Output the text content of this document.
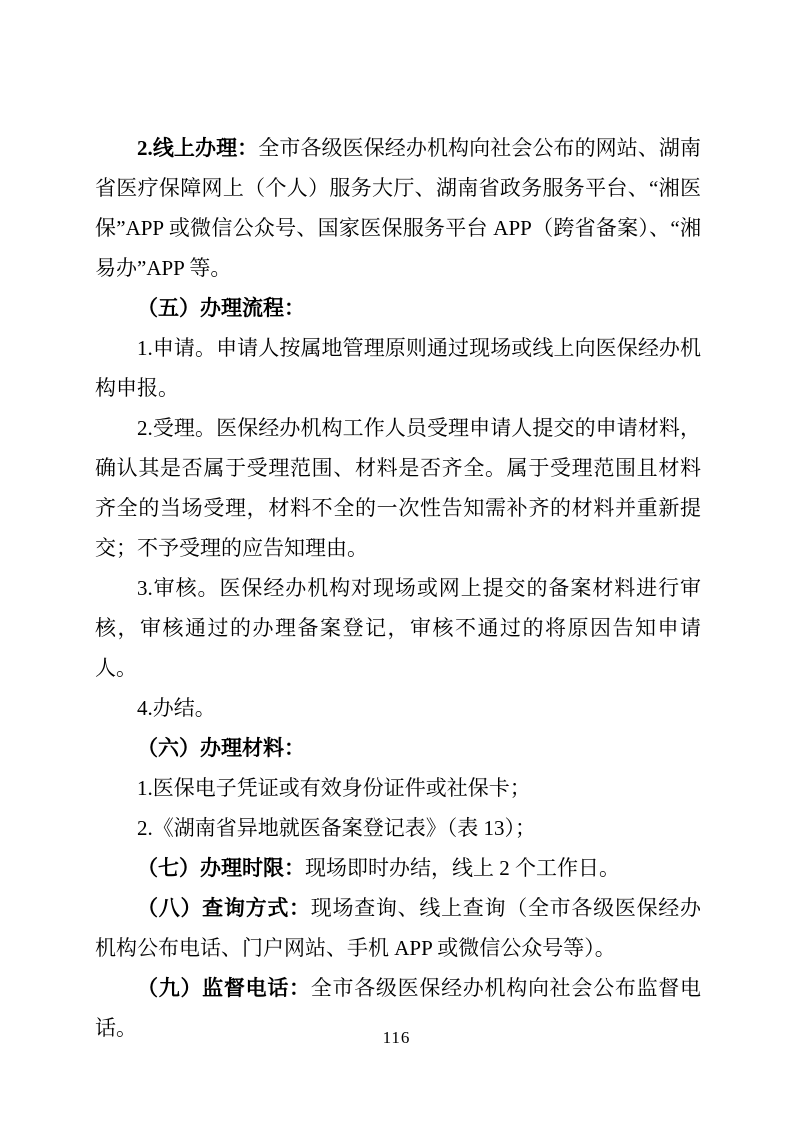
2.线上办理：全市各级医保经办机构向社会公布的网站、湖南省医疗保障网上（个人）服务大厅、湖南省政务服务平台、“湘医保”APP 或微信公众号、国家医保服务平台 APP（跨省备案）、“湘易办”APP 等。

（五）办理流程：

1.申请。申请人按属地管理原则通过现场或线上向医保经办机构申报。

2.受理。医保经办机构工作人员受理申请人提交的申请材料，确认其是否属于受理范围、材料是否齐全。属于受理范围且材料齐全的当场受理，材料不全的一次性告知需补齐的材料并重新提交；不予受理的应告知理由。

3.审核。医保经办机构对现场或网上提交的备案材料进行审核，审核通过的办理备案登记，审核不通过的将原因告知申请人。

4.办结。

（六）办理材料：

1.医保电子凭证或有效身份证件或社保卡；

2.《湖南省异地就医备案登记表》（表 13）；

（七）办理时限：现场即时办结，线上 2 个工作日。

（八）查询方式：现场查询、线上查询（全市各级医保经办机构公布电话、门户网站、手机 APP 或微信公众号等）。

（九）监督电话：全市各级医保经办机构向社会公布监督电话。	116
